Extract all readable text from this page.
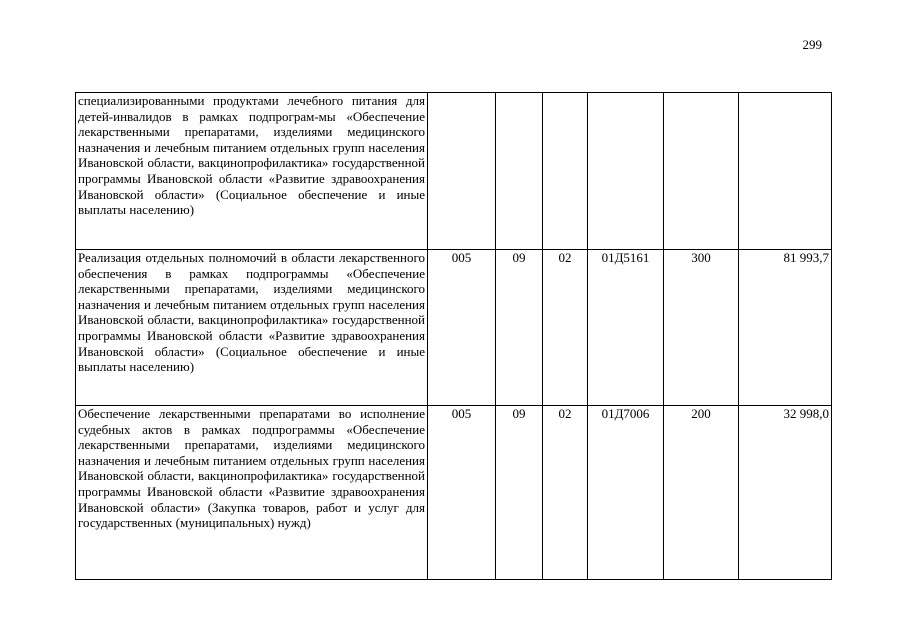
299
специализированными продуктами лечебного питания для детей-инвалидов в рамках подпрограм-мы «Обеспечение лекарственными препаратами, изделиями медицинского назначения и лечебным питанием отдельных групп населения Ивановской области, вакцинопрофилактика» государственной программы Ивановской области «Развитие здравоохранения Ивановской области» (Социальное обеспечение и иные выплаты населению)						
Реализация отдельных полномочий в области лекарственного обеспечения в рамках подпрограммы «Обеспечение лекарственными препаратами, изделиями медицинского назначения и лечебным питанием отдельных групп населения Ивановской области, вакцинопрофилактика» государственной программы Ивановской области «Развитие здравоохранения Ивановской области» (Социальное обеспечение и иные выплаты населению)	005	09	02	01Д5161	300	81 993,7
Обеспечение лекарственными препаратами во исполнение судебных актов в рамках подпрограммы «Обеспечение лекарственными препаратами, изделиями медицинского назначения и лечебным питанием отдельных групп населения Ивановской области, вакцинопрофилактика» государственной программы Ивановской области «Развитие здравоохранения Ивановской области» (Закупка товаров, работ и услуг для государственных (муниципальных) нужд)	005	09	02	01Д7006	200	32 998,0
